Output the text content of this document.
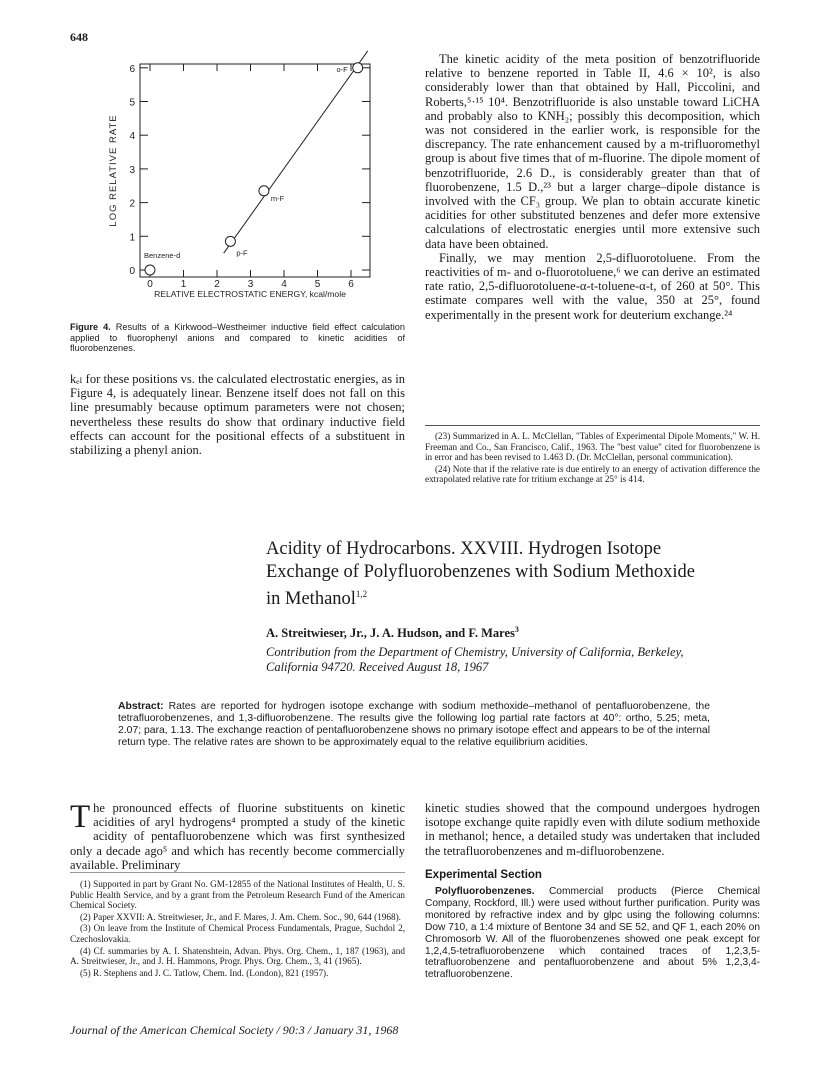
648
0
1
2
3
4
5
6
0	1	2	3	4	5	6
LOG RELATIVE RATE
RELATIVE ELECTROSTATIC ENERGY, kcal/mole
Benzene-d	p-F
m-F
o-F
Figure 4. Results of a Kirkwood–Westheimer inductive field effect calculation applied to fluorophenyl anions and compared to kinetic acidities of fluorobenzenes.

kₑₗ for these positions vs. the calculated electrostatic energies, as in Figure 4, is adequately linear. Benzene itself does not fall on this line presumably because optimum parameters were not chosen; nevertheless these results do show that ordinary inductive field effects can account for the positional effects of a substituent in stabilizing a phenyl anion.

The kinetic acidity of the meta position of benzotrifluoride relative to benzene reported in Table II, 4.6 × 10², is also considerably lower than that obtained by Hall, Piccolini, and Roberts,⁵·¹⁵ 10⁴. Benzotrifluoride is also unstable toward LiCHA and probably also to KNH₂; possibly this decomposition, which was not considered in the earlier work, is responsible for the discrepancy. The rate enhancement caused by a m-trifluoromethyl group is about five times that of m-fluorine. The dipole moment of benzotrifluoride, 2.6 D., is considerably greater than that of fluorobenzene, 1.5 D.,²³ but a larger charge–dipole distance is involved with the CF₃ group. We plan to obtain accurate kinetic acidities for other substituted benzenes and defer more extensive calculations of electrostatic energies until more extensive such data have been obtained.

Finally, we may mention 2,5-difluorotoluene. From the reactivities of m- and o-fluorotoluene,⁶ we can derive an estimated rate ratio, 2,5-difluorotoluene-α-t-toluene-α-t, of 260 at 50°. This estimate compares well with the value, 350 at 25°, found experimentally in the present work for deuterium exchange.²⁴

(23) Summarized in A. L. McClellan, "Tables of Experimental Dipole Moments," W. H. Freeman and Co., San Francisco, Calif., 1963. The "best value" cited for fluorobenzene is in error and has been revised to 1.463 D. (Dr. McClellan, personal communication).

(24) Note that if the relative rate is due entirely to an energy of activation difference the extrapolated relative rate for tritium exchange at 25° is 414.

Acidity of Hydrocarbons. XXVIII. Hydrogen Isotope
Exchange of Polyfluorobenzenes with Sodium Methoxide
in Methanol$^{1,2}$
A. Streitwieser, Jr., J. A. Hudson, and F. Mares$^3$
Contribution from the Department of Chemistry, University of California, Berkeley, California 94720. Received August 18, 1967
Abstract: Rates are reported for hydrogen isotope exchange with sodium methoxide–methanol of pentafluorobenzene, the tetrafluorobenzenes, and 1,3-difluorobenzene. The results give the following log partial rate factors at 40°: ortho, 5.25; meta, 2.07; para, 1.13. The exchange reaction of pentafluorobenzene shows no primary isotope effect and appears to be of the internal return type. The relative rates are shown to be approximately equal to the relative equilibrium acidities.

The pronounced effects of fluorine substituents on kinetic acidities of aryl hydrogens⁴ prompted a study of the kinetic acidity of pentafluorobenzene which was first synthesized only a decade ago⁵ and which has recently become commercially available. Preliminary

(1) Supported in part by Grant No. GM-12855 of the National Institutes of Health, U. S. Public Health Service, and by a grant from the Petroleum Research Fund of the American Chemical Society.

(2) Paper XXVII: A. Streitwieser, Jr., and F. Mares, J. Am. Chem. Soc., 90, 644 (1968).

(3) On leave from the Institute of Chemical Process Fundamentals, Prague, Suchdol 2, Czechoslovakia.

(4) Cf. summaries by A. I. Shatenshtein, Advan. Phys. Org. Chem., 1, 187 (1963), and A. Streitwieser, Jr., and J. H. Hammons, Progr. Phys. Org. Chem., 3, 41 (1965).

(5) R. Stephens and J. C. Tatlow, Chem. Ind. (London), 821 (1957).

kinetic studies showed that the compound undergoes hydrogen isotope exchange quite rapidly even with dilute sodium methoxide in methanol; hence, a detailed study was undertaken that included the tetrafluorobenzenes and m-difluorobenzene.

Experimental Section

Polyfluorobenzenes. Commercial products (Pierce Chemical Company, Rockford, Ill.) were used without further purification. Purity was monitored by refractive index and by glpc using the following columns: Dow 710, a 1:4 mixture of Bentone 34 and SE 52, and QF 1, each 20% on Chromosorb W. All of the fluorobenzenes showed one peak except for 1,2,4,5-tetrafluorobenzene which contained traces of 1,2,3,5-tetrafluorobenzene and pentafluorobenzene and about 5% 1,2,3,4-tetrafluorobenzene.

Journal of the American Chemical Society / 90:3 / January 31, 1968
